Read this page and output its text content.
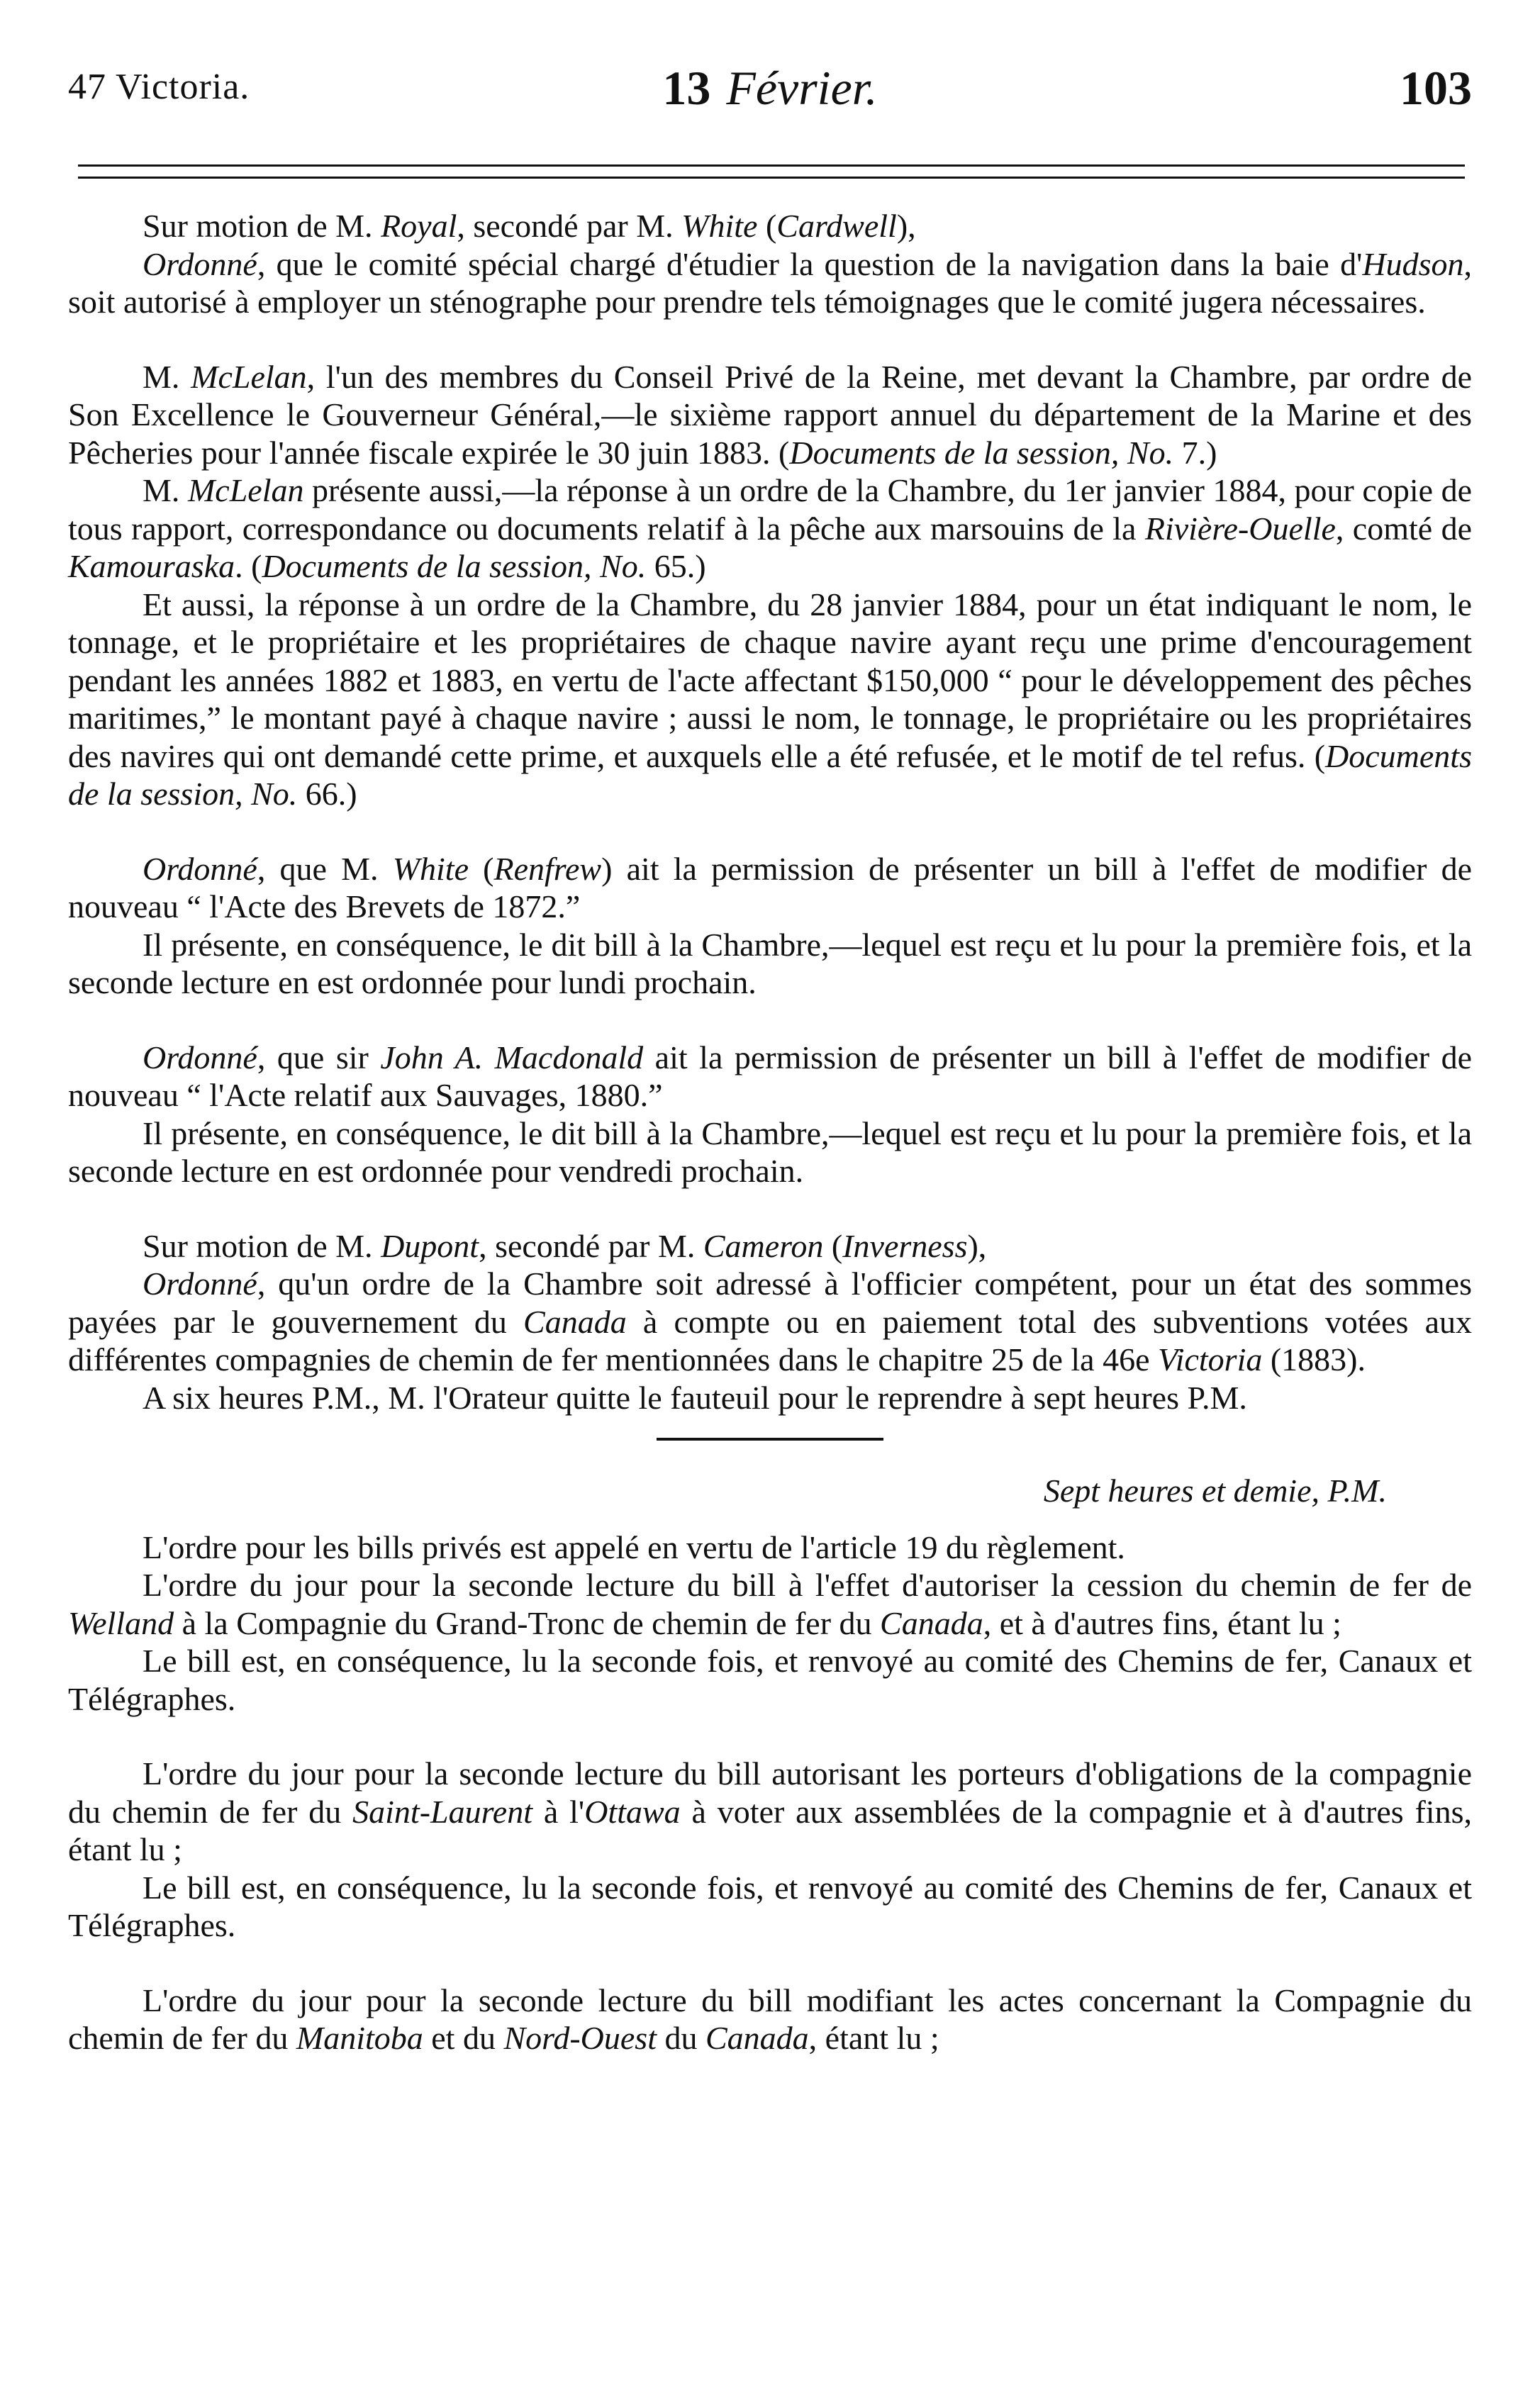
47 Victoria.	13 Février.	103

Sur motion de M. Royal, secondé par M. White (Cardwell),

Ordonné, que le comité spécial chargé d'étudier la question de la navigation dans la baie d'Hudson, soit autorisé à employer un sténographe pour prendre tels témoignages que le comité jugera nécessaires.

M. McLelan, l'un des membres du Conseil Privé de la Reine, met devant la Chambre, par ordre de Son Excellence le Gouverneur Général,—le sixième rapport annuel du département de la Marine et des Pêcheries pour l'année fiscale expirée le 30 juin 1883. (Documents de la session, No. 7.)

M. McLelan présente aussi,—la réponse à un ordre de la Chambre, du 1er janvier 1884, pour copie de tous rapport, correspondance ou documents relatif à la pêche aux marsouins de la Rivière-Ouelle, comté de Kamouraska. (Documents de la session, No. 65.)

Et aussi, la réponse à un ordre de la Chambre, du 28 janvier 1884, pour un état indiquant le nom, le tonnage, et le propriétaire et les propriétaires de chaque navire ayant reçu une prime d'encouragement pendant les années 1882 et 1883, en vertu de l'acte affectant $150,000 “ pour le développement des pêches maritimes,” le montant payé à chaque navire ; aussi le nom, le tonnage, le propriétaire ou les propriétaires des navires qui ont demandé cette prime, et auxquels elle a été refusée, et le motif de tel refus. (Documents de la session, No. 66.)

Ordonné, que M. White (Renfrew) ait la permission de présenter un bill à l'effet de modifier de nouveau “ l'Acte des Brevets de 1872.”

Il présente, en conséquence, le dit bill à la Chambre,—lequel est reçu et lu pour la première fois, et la seconde lecture en est ordonnée pour lundi prochain.

Ordonné, que sir John A. Macdonald ait la permission de présenter un bill à l'effet de modifier de nouveau “ l'Acte relatif aux Sauvages, 1880.”

Il présente, en conséquence, le dit bill à la Chambre,—lequel est reçu et lu pour la première fois, et la seconde lecture en est ordonnée pour vendredi prochain.

Sur motion de M. Dupont, secondé par M. Cameron (Inverness),

Ordonné, qu'un ordre de la Chambre soit adressé à l'officier compétent, pour un état des sommes payées par le gouvernement du Canada à compte ou en paiement total des subventions votées aux différentes compagnies de chemin de fer mentionnées dans le chapitre 25 de la 46e Victoria (1883).

A six heures P.M., M. l'Orateur quitte le fauteuil pour le reprendre à sept heures P.M.

Sept heures et demie, P.M.

L'ordre pour les bills privés est appelé en vertu de l'article 19 du règlement.

L'ordre du jour pour la seconde lecture du bill à l'effet d'autoriser la cession du chemin de fer de Welland à la Compagnie du Grand-Tronc de chemin de fer du Canada, et à d'autres fins, étant lu ;

Le bill est, en conséquence, lu la seconde fois, et renvoyé au comité des Chemins de fer, Canaux et Télégraphes.

L'ordre du jour pour la seconde lecture du bill autorisant les porteurs d'obligations de la compagnie du chemin de fer du Saint-Laurent à l'Ottawa à voter aux assemblées de la compagnie et à d'autres fins, étant lu ;

Le bill est, en conséquence, lu la seconde fois, et renvoyé au comité des Chemins de fer, Canaux et Télégraphes.

L'ordre du jour pour la seconde lecture du bill modifiant les actes concernant la Compagnie du chemin de fer du Manitoba et du Nord-Ouest du Canada, étant lu ;
